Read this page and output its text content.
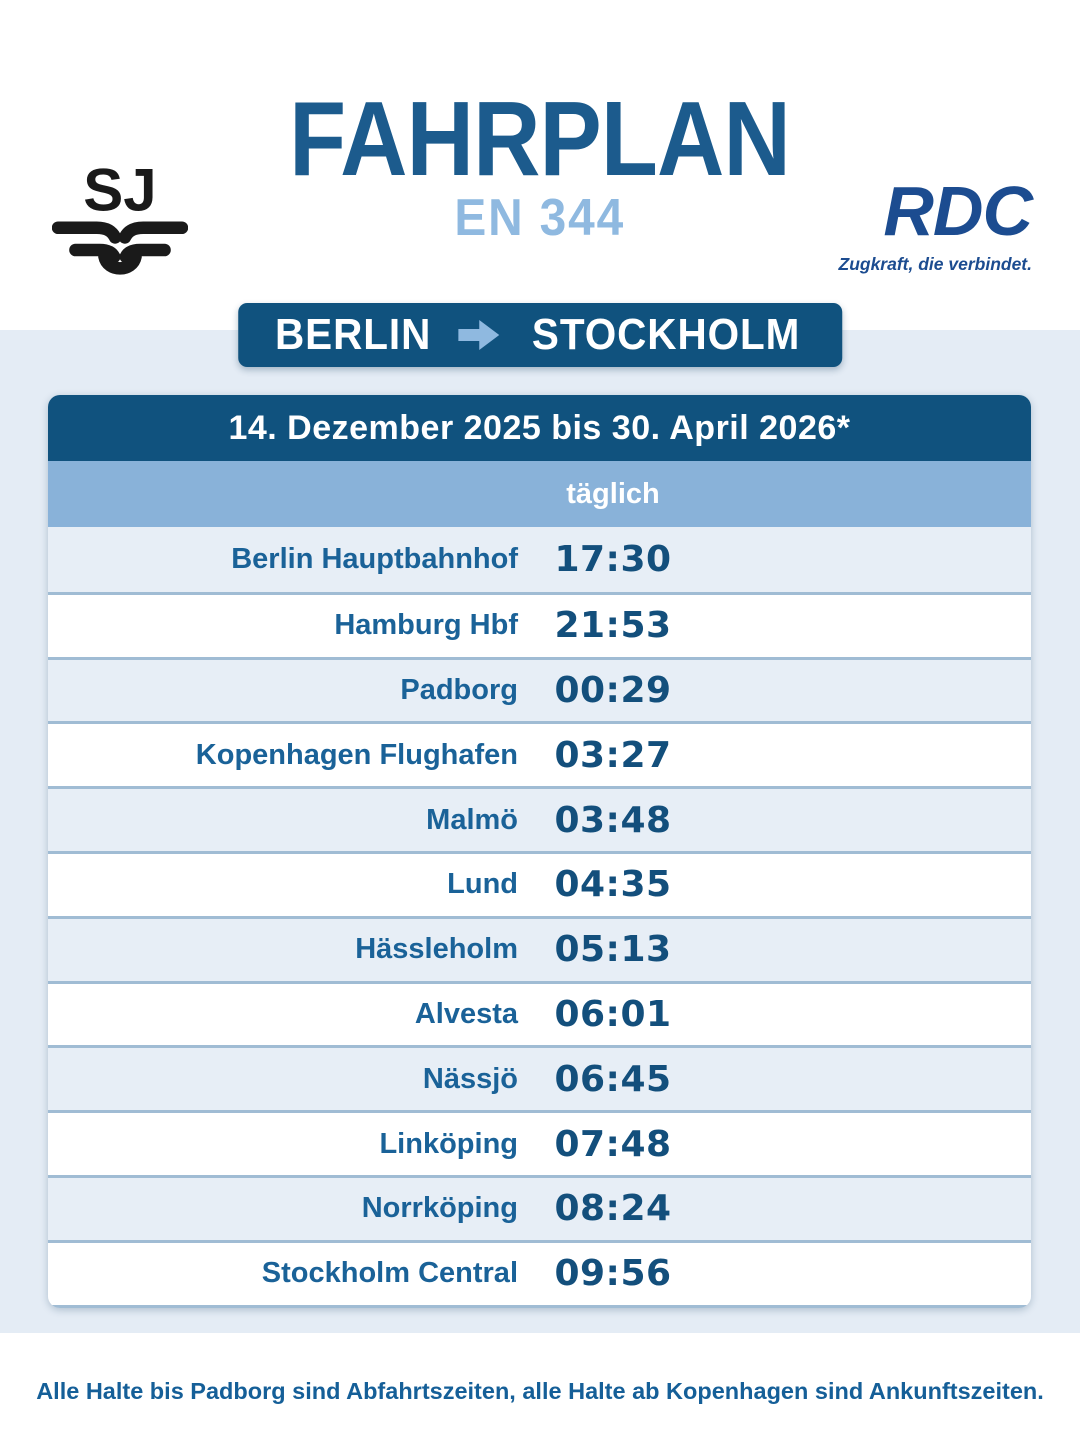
SJ	FAHRPLAN
EN 344	RDC
Zugkraft, die verbindet.
BERLIN STOCKHOLM
14. Dezember 2025 bis 30. April 2026*
täglich
Berlin Hauptbahnhof	17:30
Hamburg Hbf	21:53
Padborg	00:29
Kopenhagen Flughafen	03:27
Malmö	03:48
Lund	04:35
Hässleholm	05:13
Alvesta	06:01
Nässjö	06:45
Linköping	07:48
Norrköping	08:24
Stockholm Central	09:56
Alle Halte bis Padborg sind Abfahrtszeiten, alle Halte ab Kopenhagen sind Ankunftszeiten.
